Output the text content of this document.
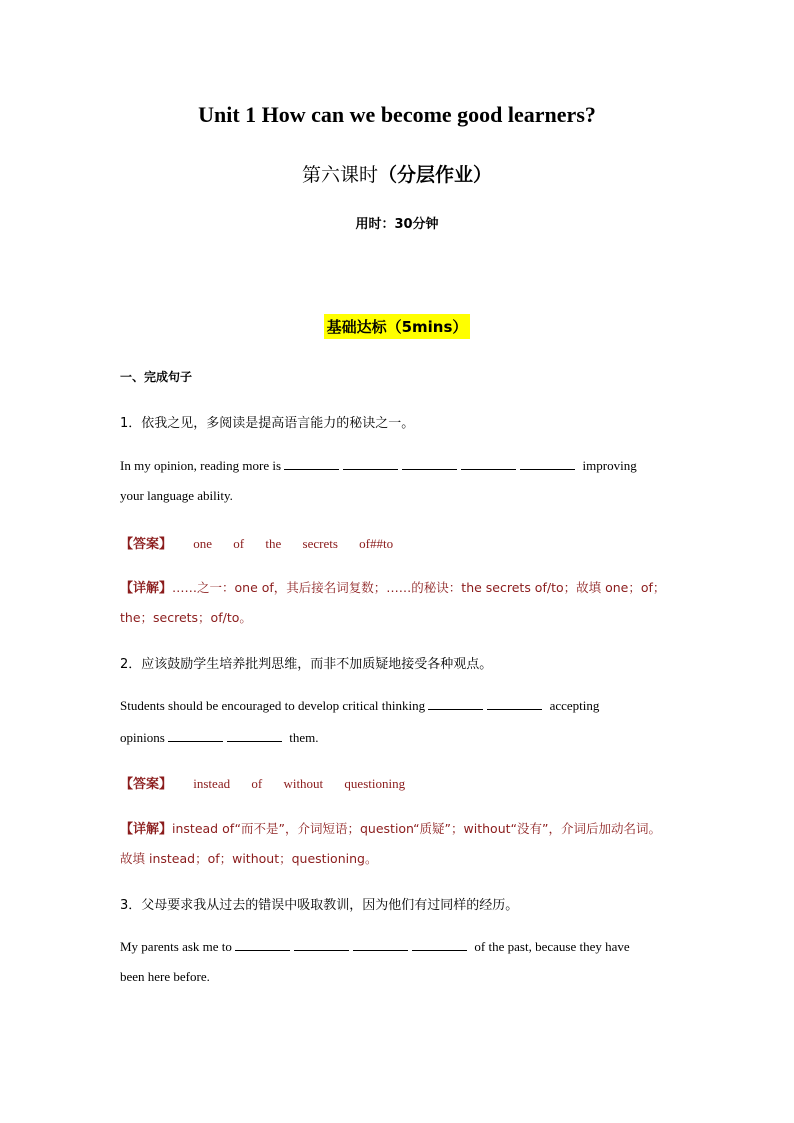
Unit 1 How can we become good learners?
第六课时（分层作业）
用时：30分钟
基础达标（5mins）
一、完成句子
1．依我之见，多阅读是提高语言能力的秘诀之一。
In my opinion, reading more is	improving
your language ability.
【答案】 one of the secrets of##to
【详解】……之一：one of，其后接名词复数；……的秘诀：the secrets of/to；故填 one；of；
the；secrets；of/to。
2．应该鼓励学生培养批判思维，而非不加质疑地接受各种观点。
Students should be encouraged to develop critical thinking	accepting
opinions	them.
【答案】 instead of without questioning
【详解】instead of“而不是”，介词短语；question“质疑”；without“没有”，介词后加动名词。
故填 instead；of；without；questioning。
3．父母要求我从过去的错误中吸取教训，因为他们有过同样的经历。
My parents ask me to	of the past, because they have
been here before.
